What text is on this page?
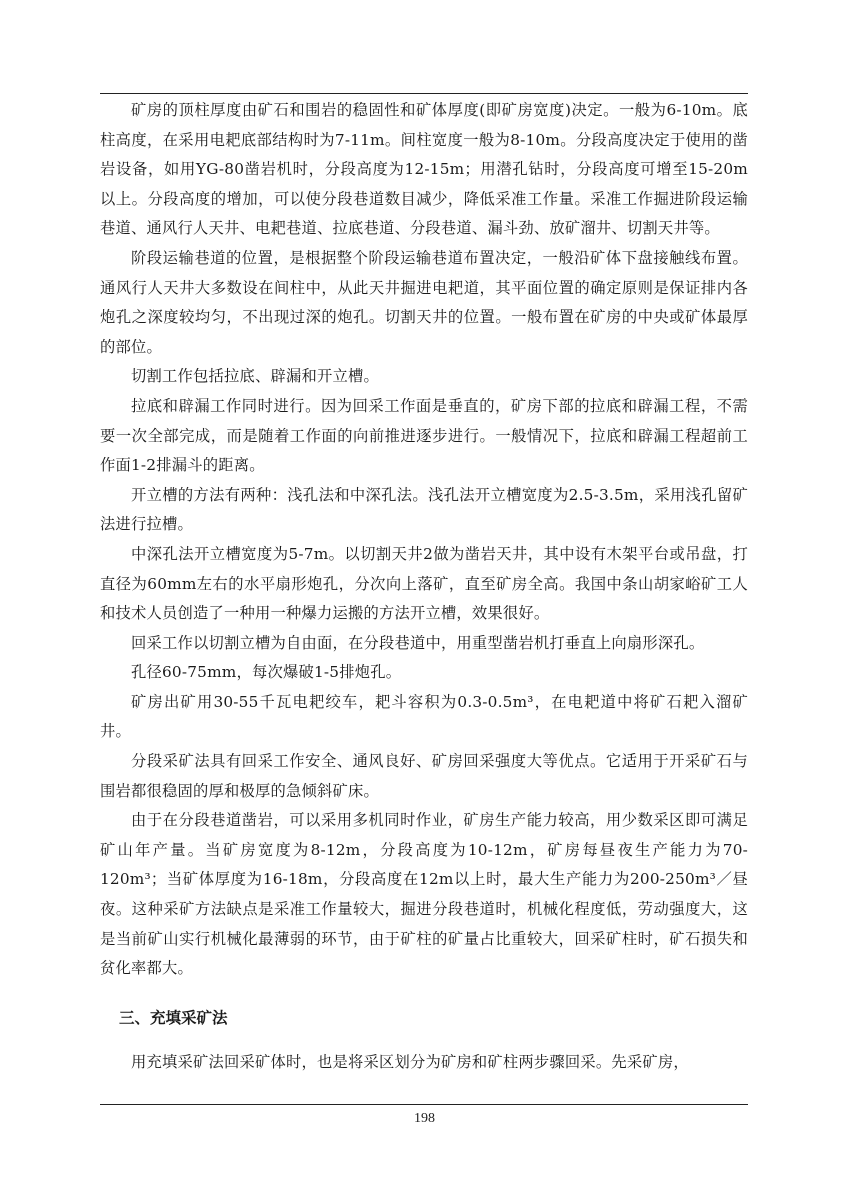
矿房的顶柱厚度由矿石和围岩的稳固性和矿体厚度(即矿房宽度)决定。一般为6-10m。底柱高度，在采用电耙底部结构时为7-11m。间柱宽度一般为8-10m。分段高度决定于使用的凿岩设备，如用YG-80凿岩机时，分段高度为12-15m；用潜孔钻时，分段高度可增至15-20m以上。分段高度的增加，可以使分段巷道数目减少，降低采准工作量。采准工作掘进阶段运输巷道、通风行人天井、电耙巷道、拉底巷道、分段巷道、漏斗劲、放矿溜井、切割天井等。

阶段运输巷道的位置，是根据整个阶段运输巷道布置决定，一般沿矿体下盘接触线布置。通风行人天井大多数设在间柱中，从此天井掘进电耙道，其平面位置的确定原则是保证排内各炮孔之深度较均匀，不出现过深的炮孔。切割天井的位置。一般布置在矿房的中央或矿体最厚的部位。

切割工作包括拉底、辟漏和开立槽。

拉底和辟漏工作同时进行。因为回采工作面是垂直的，矿房下部的拉底和辟漏工程，不需要一次全部完成，而是随着工作面的向前推进逐步进行。一般情况下，拉底和辟漏工程超前工作面1-2排漏斗的距离。

开立槽的方法有两种：浅孔法和中深孔法。浅孔法开立槽宽度为2.5-3.5m，采用浅孔留矿法进行拉槽。

中深孔法开立槽宽度为5-7m。以切割天井2做为凿岩天井，其中设有木架平台或吊盘，打直径为60mm左右的水平扇形炮孔，分次向上落矿，直至矿房全高。我国中条山胡家峪矿工人和技术人员创造了一种用一种爆力运搬的方法开立槽，效果很好。

回采工作以切割立槽为自由面，在分段巷道中，用重型凿岩机打垂直上向扇形深孔。

孔径60-75mm，每次爆破1-5排炮孔。

矿房出矿用30-55千瓦电耙绞车，耙斗容积为0.3-0.5m³，在电耙道中将矿石耙入溜矿井。

分段采矿法具有回采工作安全、通风良好、矿房回采强度大等优点。它适用于开采矿石与围岩都很稳固的厚和极厚的急倾斜矿床。

由于在分段巷道凿岩，可以采用多机同时作业，矿房生产能力较高，用少数采区即可满足矿山年产量。当矿房宽度为8-12m，分段高度为10-12m，矿房每昼夜生产能力为70-120m³；当矿体厚度为16-18m，分段高度在12m以上时，最大生产能力为200-250m³／昼夜。这种采矿方法缺点是采准工作量较大，掘进分段巷道时，机械化程度低，劳动强度大，这是当前矿山实行机械化最薄弱的环节，由于矿柱的矿量占比重较大，回采矿柱时，矿石损失和贫化率都大。

三、充填采矿法

用充填采矿法回采矿体时，也是将采区划分为矿房和矿柱两步骤回采。先采矿房，

198
